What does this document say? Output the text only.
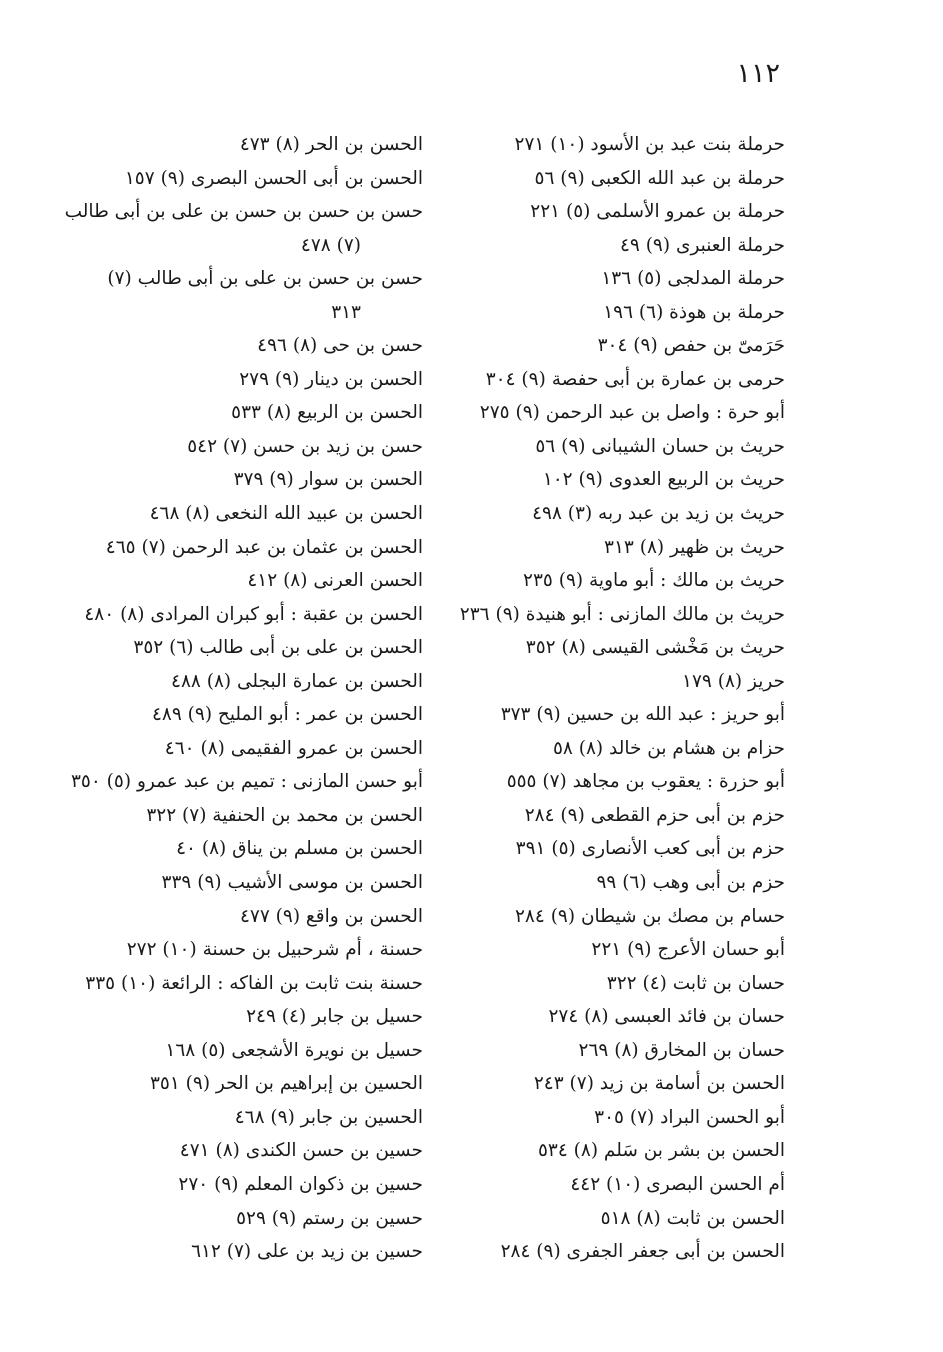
١١٢
حرملة بنت عبد بن الأسود (١٠) ٢٧١
حرملة بن عبد الله الكعبى (٩) ٥٦
حرملة بن عمرو الأسلمى (٥) ٢٢١
حرملة العنبرى (٩) ٤٩
حرملة المدلجى (٥) ١٣٦
حرملة بن هوذة (٦) ١٩٦
حَرَمىّ بن حفص (٩) ٣٠٤
حرمى بن عمارة بن أبى حفصة (٩) ٣٠٤
أبو حرة : واصل بن عبد الرحمن (٩) ٢٧٥
حريث بن حسان الشيبانى (٩) ٥٦
حريث بن الربيع العدوى (٩) ١٠٢
حريث بن زيد بن عبد ربه (٣) ٤٩٨
حريث بن ظهير (٨) ٣١٣
حريث بن مالك : أبو ماوية (٩) ٢٣٥
حريث بن مالك المازنى : أبو هنيدة (٩) ٢٣٦
حريث بن مَخْشى القيسى (٨) ٣٥٢
حريز (٨) ١٧٩
أبو حريز : عبد الله بن حسين (٩) ٣٧٣
حزام بن هشام بن خالد (٨) ٥٨
أبو حزرة : يعقوب بن مجاهد (٧) ٥٥٥
حزم بن أبى حزم القطعى (٩) ٢٨٤
حزم بن أبى كعب الأنصارى (٥) ٣٩١
حزم بن أبى وهب (٦) ٩٩
حسام بن مصك بن شيطان (٩) ٢٨٤
أبو حسان الأعرج (٩) ٢٢١
حسان بن ثابت (٤) ٣٢٢
حسان بن فائد العبسى (٨) ٢٧٤
حسان بن المخارق (٨) ٢٦٩
الحسن بن أسامة بن زيد (٧) ٢٤٣
أبو الحسن البراد (٧) ٣٠٥
الحسن بن بشر بن سَلم (٨) ٥٣٤
أم الحسن البصرى (١٠) ٤٤٢
الحسن بن ثابت (٨) ٥١٨
الحسن بن أبى جعفر الجفرى (٩) ٢٨٤
الحسن بن الحر (٨) ٤٧٣
الحسن بن أبى الحسن البصرى (٩) ١٥٧
حسن بن حسن بن حسن بن على بن أبى طالب
(٧) ٤٧٨
حسن بن حسن بن على بن أبى طالب (٧)
٣١٣
حسن بن حى (٨) ٤٩٦
الحسن بن دينار (٩) ٢٧٩
الحسن بن الربيع (٨) ٥٣٣
حسن بن زيد بن حسن (٧) ٥٤٢
الحسن بن سوار (٩) ٣٧٩
الحسن بن عبيد الله النخعى (٨) ٤٦٨
الحسن بن عثمان بن عبد الرحمن (٧) ٤٦٥
الحسن العرنى (٨) ٤١٢
الحسن بن عقبة : أبو كبران المرادى (٨) ٤٨٠
الحسن بن على بن أبى طالب (٦) ٣٥٢
الحسن بن عمارة البجلى (٨) ٤٨٨
الحسن بن عمر : أبو المليح (٩) ٤٨٩
الحسن بن عمرو الفقيمى (٨) ٤٦٠
أبو حسن المازنى : تميم بن عبد عمرو (٥) ٣٥٠
الحسن بن محمد بن الحنفية (٧) ٣٢٢
الحسن بن مسلم بن يناق (٨) ٤٠
الحسن بن موسى الأشيب (٩) ٣٣٩
الحسن بن واقع (٩) ٤٧٧
حسنة ، أم شرحبيل بن حسنة (١٠) ٢٧٢
حسنة بنت ثابت بن الفاكه : الرائعة (١٠) ٣٣٥
حسيل بن جابر (٤) ٢٤٩
حسيل بن نويرة الأشجعى (٥) ١٦٨
الحسين بن إبراهيم بن الحر (٩) ٣٥١
الحسين بن جابر (٩) ٤٦٨
حسين بن حسن الكندى (٨) ٤٧١
حسين بن ذكوان المعلم (٩) ٢٧٠
حسين بن رستم (٩) ٥٢٩
حسين بن زيد بن على (٧) ٦١٢
